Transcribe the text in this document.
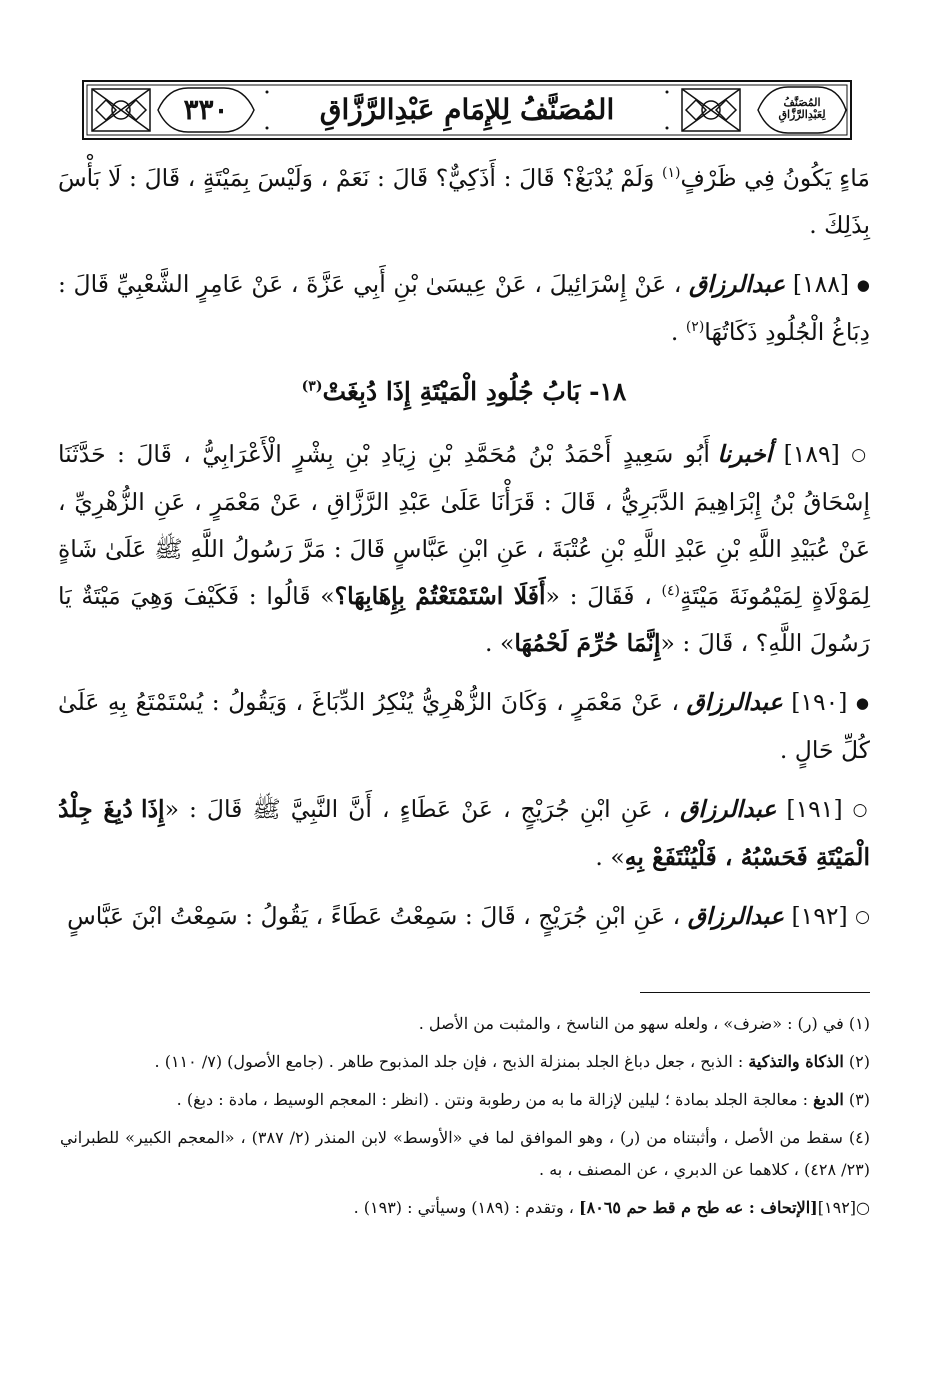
٣٣٠	المُصَنَّفُ لِلإِمَامِ عَبْدِالرَّزَّاقِ	المُصَنَّفُ
لِعَبْدِالرَّزَّاقِ

مَاءٍ يَكُونُ فِي ظَرْفٍ$^{(١)}$ وَلَمْ يُدْبَغْ؟ قَالَ : أَذَكِيٌّ؟ قَالَ : نَعَمْ ، وَلَيْسَ بِمَيْتَةٍ ، قَالَ : لَا بَأْسَ بِذَلِكَ .

● [١٨٨] عبدالرزاق ، عَنْ إِسْرَائِيلَ ، عَنْ عِيسَىٰ بْنِ أَبِي عَزَّةَ ، عَنْ عَامِرٍ الشَّعْبِيِّ قَالَ : دِبَاغُ الْجُلُودِ ذَكَاتُهَا$^{(٢)}$ .

١٨- بَابُ جُلُودِ الْمَيْتَةِ إِذَا دُبِغَتْ$^{(٣)}$

○ [١٨٩] أخبرنا أَبُو سَعِيدٍ أَحْمَدُ بْنُ مُحَمَّدِ بْنِ زِيَادِ بْنِ بِشْرٍ الْأَعْرَابِيُّ ، قَالَ : حَدَّثَنَا إِسْحَاقُ بْنُ إِبْرَاهِيمَ الدَّبَرِيُّ ، قَالَ : قَرَأْنَا عَلَىٰ عَبْدِ الرَّزَّاقِ ، عَنْ مَعْمَرٍ ، عَنِ الزُّهْرِيِّ ، عَنْ عُبَيْدِ اللَّهِ بْنِ عَبْدِ اللَّهِ بْنِ عُتْبَةَ ، عَنِ ابْنِ عَبَّاسٍ قَالَ : مَرَّ رَسُولُ اللَّهِ ﷺ عَلَىٰ شَاةٍ لِمَوْلَاةٍ لِمَيْمُونَةَ مَيْتَةٍ$^{(٤)}$ ، فَقَالَ : «أَفَلَا اسْتَمْتَعْتُمْ بِإِهَابِهَا؟» قَالُوا : فَكَيْفَ وَهِيَ مَيْتَةٌ يَا رَسُولَ اللَّهِ؟ ، قَالَ : «إِنَّمَا حُرِّمَ لَحْمُهَا» .

● [١٩٠] عبدالرزاق ، عَنْ مَعْمَرٍ ، وَكَانَ الزُّهْرِيُّ يُنْكِرُ الدِّبَاغَ ، وَيَقُولُ : يُسْتَمْتَعُ بِهِ عَلَىٰ كُلِّ حَالٍ .

○ [١٩١] عبدالرزاق ، عَنِ ابْنِ جُرَيْجٍ ، عَنْ عَطَاءٍ ، أَنَّ النَّبِيَّ ﷺ قَالَ : «إِذَا دُبِغَ جِلْدُ الْمَيْتَةِ فَحَسْبُهُ ، فَلْيُنْتَفَعْ بِهِ» .

○ [١٩٢] عبدالرزاق ، عَنِ ابْنِ جُرَيْجٍ ، قَالَ : سَمِعْتُ عَطَاءً ، يَقُولُ : سَمِعْتُ ابْنَ عَبَّاسٍ

(١) في (ر) : «ضرف» ، ولعله سهو من الناسخ ، والمثبت من الأصل .

(٢) الذكاة والتذكية : الذبح ، جعل دباغ الجلد بمنزلة الذبح ، فإن جلد المذبوح طاهر . (جامع الأصول) (٧/ ١١٠) .

(٣) الدبغ : معالجة الجلد بمادة ؛ ليلين لإزالة ما به من رطوبة ونتن . (انظر : المعجم الوسيط ، مادة : دبغ) .

(٤) سقط من الأصل ، وأثبتناه من (ر) ، وهو الموافق لما في «الأوسط» لابن المنذر (٢/ ٣٨٧) ، «المعجم الكبير» للطبراني (٢٣/ ٤٢٨) ، كلاهما عن الدبري ، عن المصنف ، به .

○[١٩٢][الإتحاف : عه طح م قط حم ٨٠٦٥] ، وتقدم : (١٨٩) وسيأتي : (١٩٣) .
